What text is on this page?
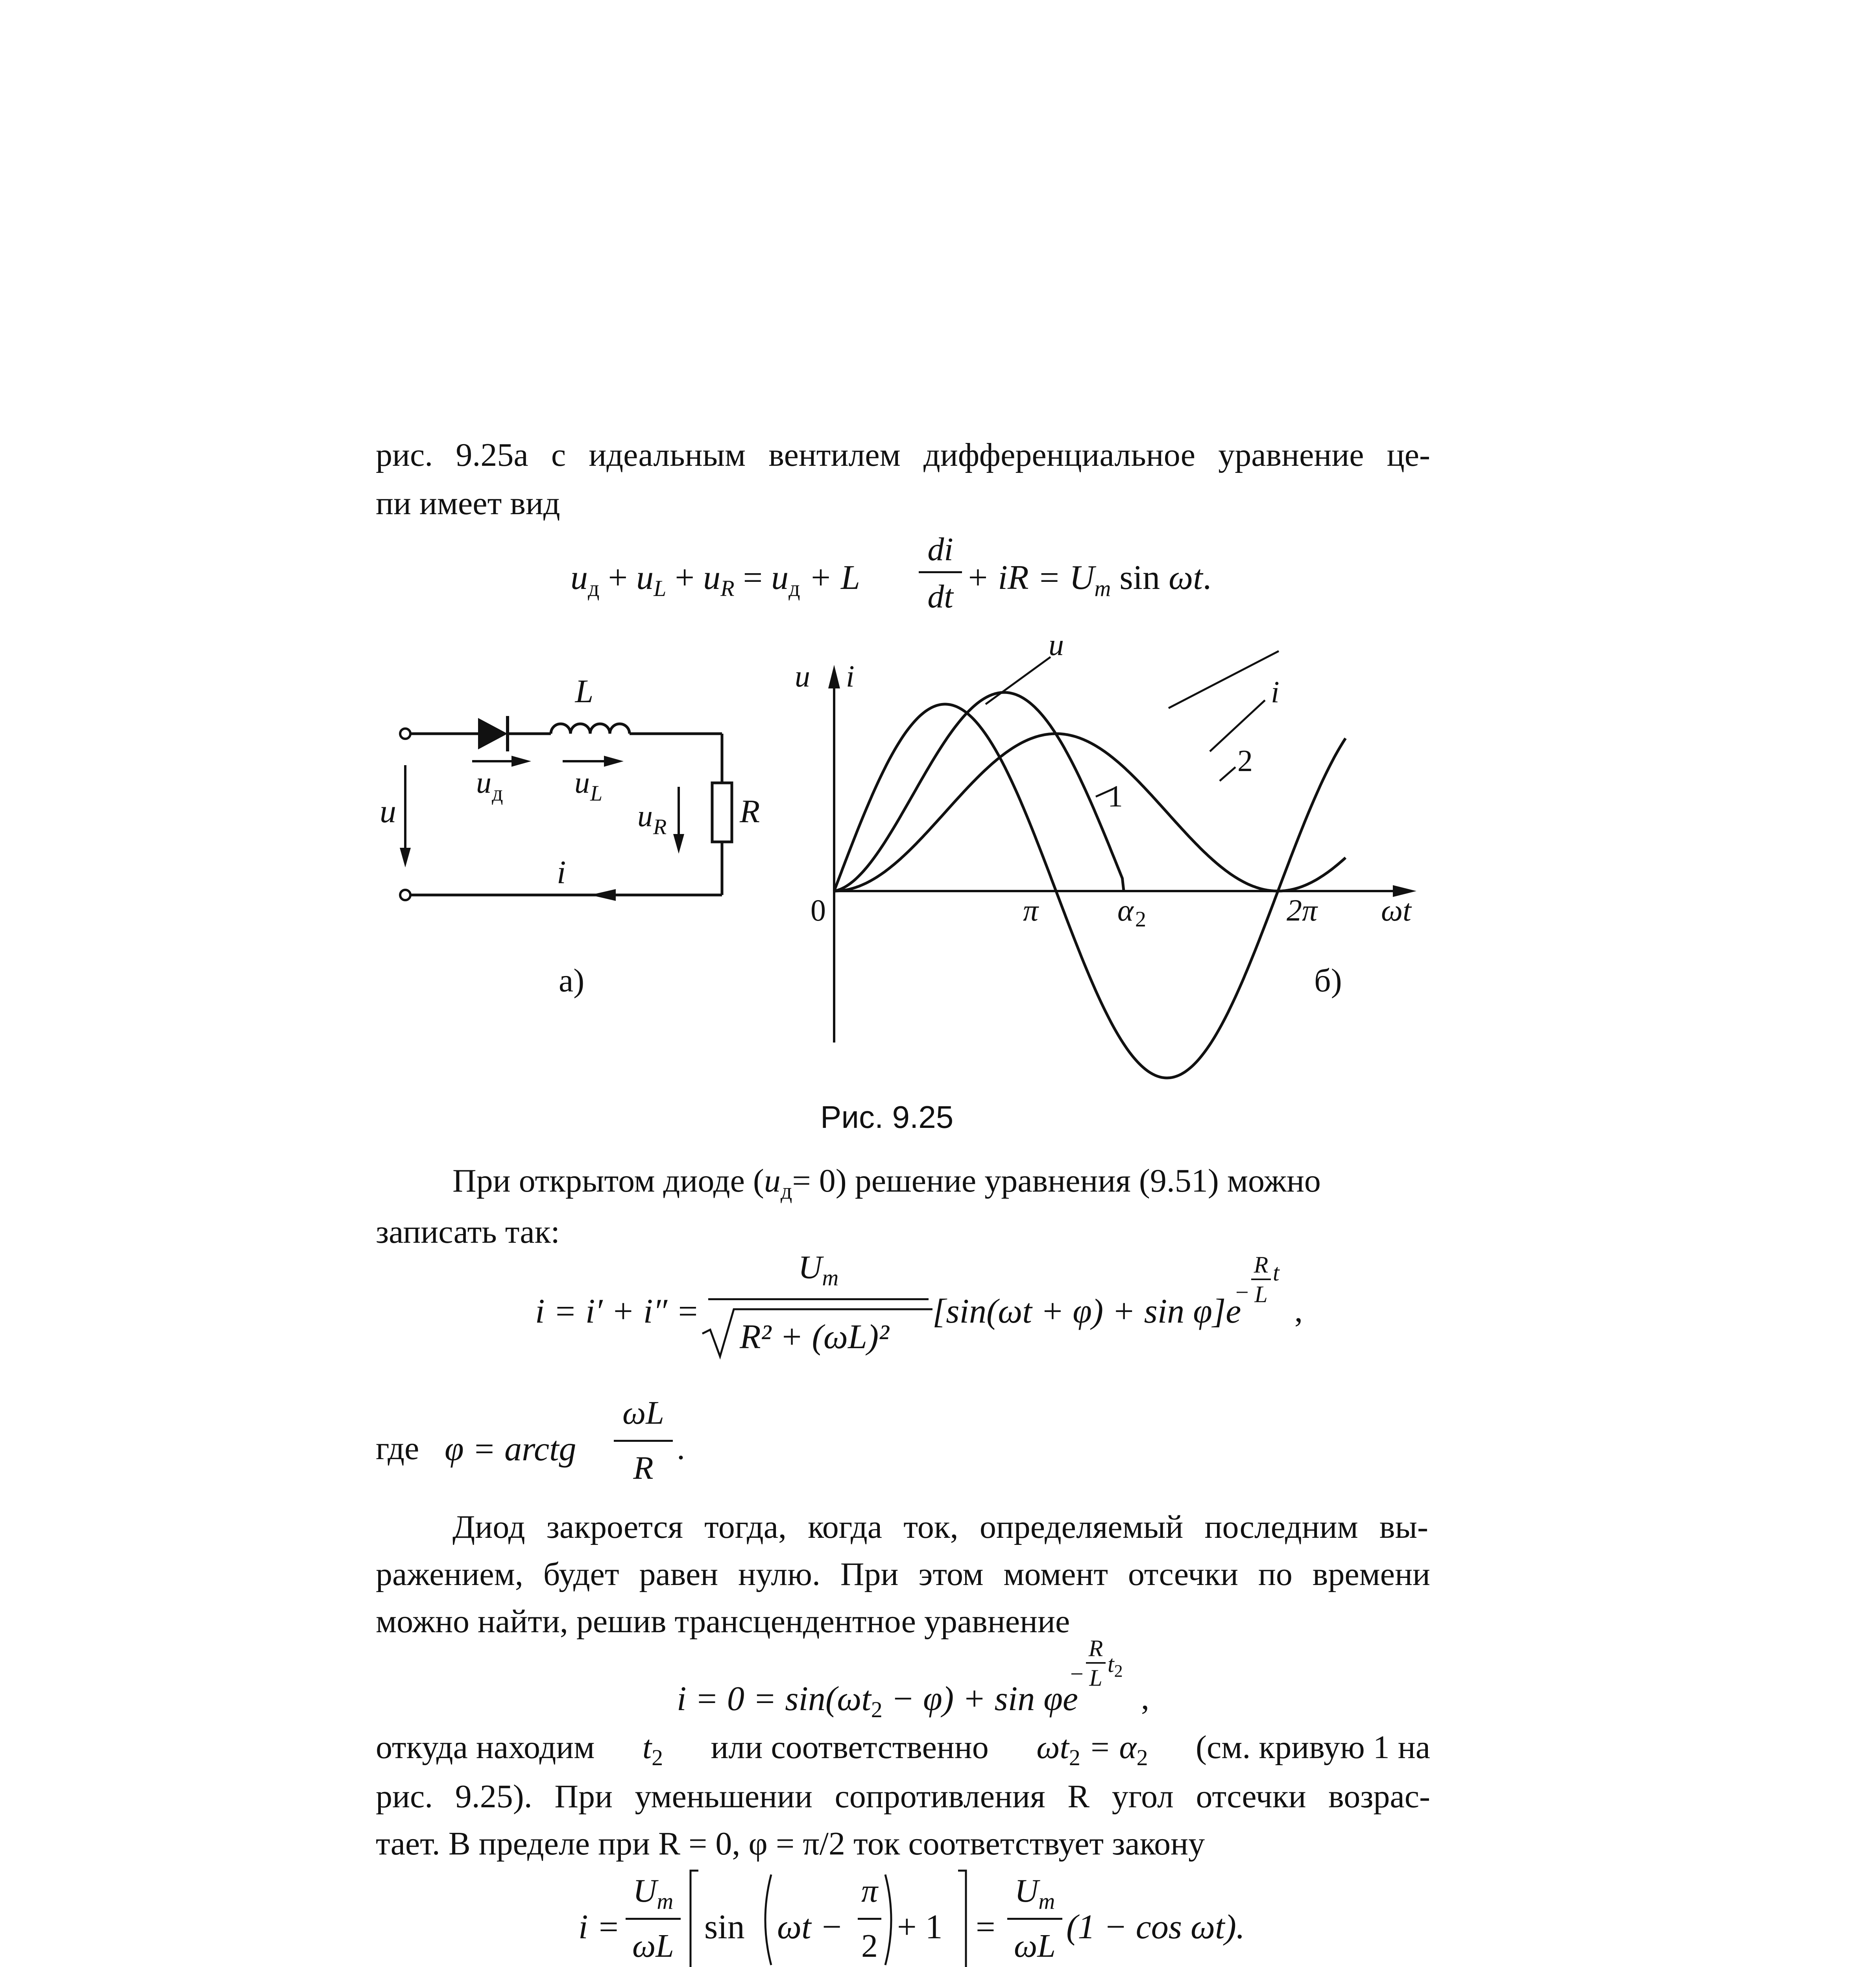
рис. 9.25а с идеальным вентилем дифференциальное уравнение це-
пи имеет вид
$u_д + u_L + u_R = u_д + L$
di
dt + iR = $U_m$ sin ωt.
L
u д u L
u R R
u
i
а)
u i
0	π	α 2	2π ωt
u
i
1
2
б)
Рис. 9.25
При открытом диоде $(u_д= 0)$ решение уравнения (9.51) можно
записать так:
i = i′ + i″ =
$U_m$
R² + (ωL)²
[sin(ωt + φ) + sin φ]e
−
R
L
t
,
где φ = arctg
ωL
R
.
Диод закроется тогда, когда ток, определяемый последним вы-
ражением, будет равен нулю. При этом момент отсечки по времени
можно найти, решив трансцендентное уравнение
$i = 0 = \sin(\omega t_2 - \varphi) + \sin \varphi e$
−
R
L
$t_2$
,
откуда находим $t_2$ или соответственно $\omega t_2 = \alpha_2$ (см. кривую 1 на
рис. 9.25). При уменьшении сопротивления R угол отсечки возрас-
тает. В пределе при R = 0, φ = π/2 ток соответствует закону
i =
$U_m$
ωL sin ωt −
π
2 + 1 =
$U_m$
ωL (1 − cos ωt).
